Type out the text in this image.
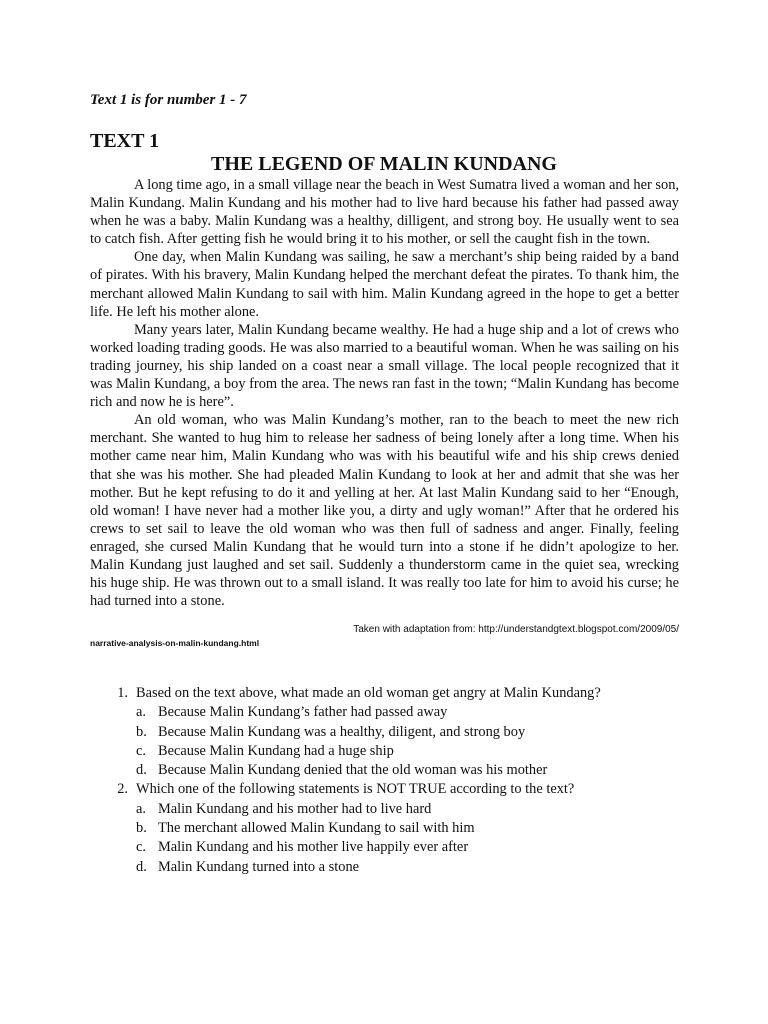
Text 1 is for number 1 - 7
TEXT 1
THE LEGEND OF MALIN KUNDANG

A long time ago, in a small village near the beach in West Sumatra lived a woman and her son, Malin Kundang. Malin Kundang and his mother had to live hard because his father had passed away when he was a baby. Malin Kundang was a healthy, dilligent, and strong boy. He usually went to sea to catch fish. After getting fish he would bring it to his mother, or sell the caught fish in the town.

One day, when Malin Kundang was sailing, he saw a merchant’s ship being raided by a band of pirates. With his bravery, Malin Kundang helped the merchant defeat the pirates. To thank him, the merchant allowed Malin Kundang to sail with him. Malin Kundang agreed in the hope to get a better life. He left his mother alone.

Many years later, Malin Kundang became wealthy. He had a huge ship and a lot of crews who worked loading trading goods. He was also married to a beautiful woman. When he was sailing on his trading journey, his ship landed on a coast near a small village. The local people recognized that it was Malin Kundang, a boy from the area. The news ran fast in the town; “Malin Kundang has become rich and now he is here”.

An old woman, who was Malin Kundang’s mother, ran to the beach to meet the new rich merchant. She wanted to hug him to release her sadness of being lonely after a long time. When his mother came near him, Malin Kundang who was with his beautiful wife and his ship crews denied that she was his mother. She had pleaded Malin Kundang to look at her and admit that she was her mother. But he kept refusing to do it and yelling at her. At last Malin Kundang said to her “Enough, old woman! I have never had a mother like you, a dirty and ugly woman!” After that he ordered his crews to set sail to leave the old woman who was then full of sadness and anger. Finally, feeling enraged, she cursed Malin Kundang that he would turn into a stone if he didn’t apologize to her. Malin Kundang just laughed and set sail. Suddenly a thunderstorm came in the quiet sea, wrecking his huge ship. He was thrown out to a small island. It was really too late for him to avoid his curse; he had turned into a stone.

Taken with adaptation from: http://understandgtext.blogspot.com/2009/05/
narrative-analysis-on-malin-kundang.html
1. Based on the text above, what made an old woman get angry at Malin Kundang?
a. Because Malin Kundang’s father had passed away
b. Because Malin Kundang was a healthy, diligent, and strong boy
c. Because Malin Kundang had a huge ship
d. Because Malin Kundang denied that the old woman was his mother
2. Which one of the following statements is NOT TRUE according to the text?
a. Malin Kundang and his mother had to live hard
b. The merchant allowed Malin Kundang to sail with him
c. Malin Kundang and his mother live happily ever after
d. Malin Kundang turned into a stone
